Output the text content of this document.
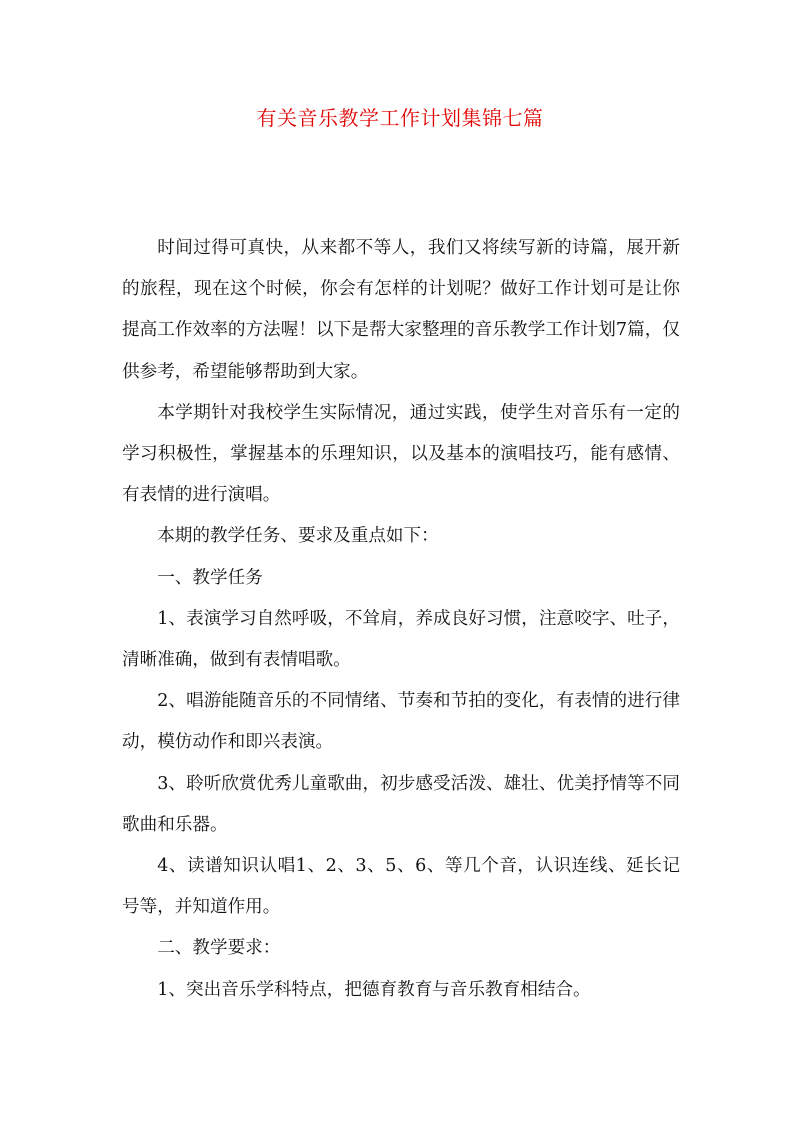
有关音乐教学工作计划集锦七篇

时间过得可真快，从来都不等人，我们又将续写新的诗篇，展开新的旅程，现在这个时候，你会有怎样的计划呢？做好工作计划可是让你提高工作效率的方法喔！以下是帮大家整理的音乐教学工作计划7篇，仅供参考，希望能够帮助到大家。

本学期针对我校学生实际情况，通过实践，使学生对音乐有一定的学习积极性，掌握基本的乐理知识，以及基本的演唱技巧，能有感情、有表情的进行演唱。

本期的教学任务、要求及重点如下：

一、教学任务

1、表演学习自然呼吸，不耸肩，养成良好习惯，注意咬字、吐子，清晰准确，做到有表情唱歌。

2、唱游能随音乐的不同情绪、节奏和节拍的变化，有表情的进行律动，模仿动作和即兴表演。

3、聆听欣赏优秀儿童歌曲，初步感受活泼、雄壮、优美抒情等不同歌曲和乐器。

4、读谱知识认唱1、2、3、5、6、等几个音，认识连线、延长记号等，并知道作用。

二、教学要求：

1、突出音乐学科特点，把德育教育与音乐教育相结合。
